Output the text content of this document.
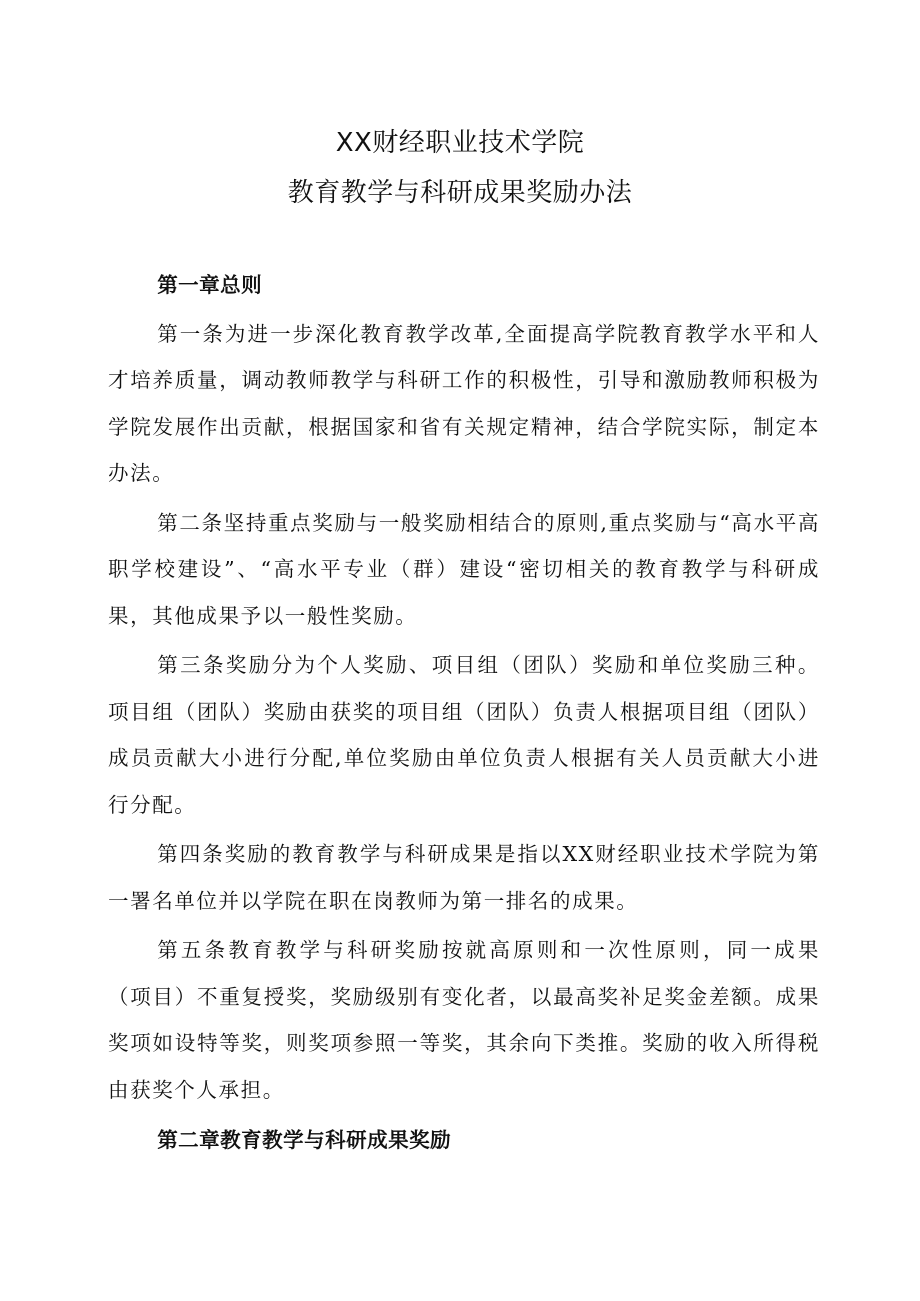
XX财经职业技术学院
教育教学与科研成果奖励办法
第一章总则
第一条为进一步深化教育教学改革,全面提高学院教育教学水平和人才培养质量，调动教师教学与科研工作的积极性，引导和激励教师积极为学院发展作出贡献，根据国家和省有关规定精神，结合学院实际，制定本办法。
第二条坚持重点奖励与一般奖励相结合的原则,重点奖励与“高水平高职学校建设”、“高水平专业（群）建设“密切相关的教育教学与科研成果，其他成果予以一般性奖励。
第三条奖励分为个人奖励、项目组（团队）奖励和单位奖励三种。项目组（团队）奖励由获奖的项目组（团队）负责人根据项目组（团队）成员贡献大小进行分配,单位奖励由单位负责人根据有关人员贡献大小进行分配。
第四条奖励的教育教学与科研成果是指以XX财经职业技术学院为第一署名单位并以学院在职在岗教师为第一排名的成果。
第五条教育教学与科研奖励按就高原则和一次性原则，同一成果（项目）不重复授奖，奖励级别有变化者，以最高奖补足奖金差额。成果奖项如设特等奖，则奖项参照一等奖，其余向下类推。奖励的收入所得税由获奖个人承担。
第二章教育教学与科研成果奖励
